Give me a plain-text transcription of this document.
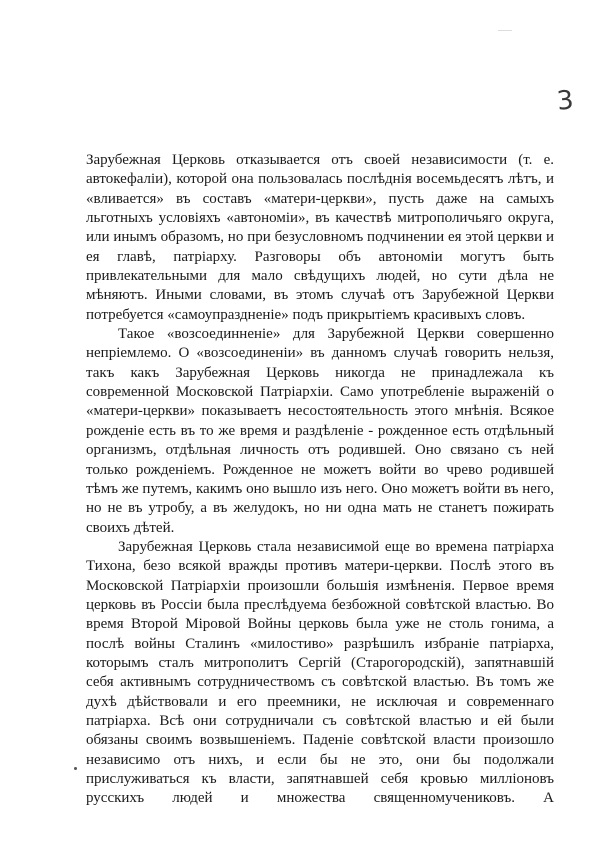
3

Зарубежная Церковь отказывается отъ своей независимости (т. е. автокефалiи), которой она пользовалась послѣднiя восемьдесятъ лѣтъ, и «вливается» въ составъ «матери-церкви», пусть даже на самыхъ льготныхъ условiяхъ «автономiи», въ качествѣ митрополичьяго округа, или инымъ образомъ, но при безусловномъ подчинении ея этой церкви и ея главѣ, патрiарху. Разговоры объ автономiи могутъ быть привлекательными для мало свѣдущихъ людей, но сути дѣла не мѣняютъ. Иными словами, въ этомъ случаѣ отъ Зарубежной Церкви потребуется «самоупраздненiе» подъ прикрытiемъ красивыхъ словъ.

Такое «возсоединненiе» для Зарубежной Церкви совершенно непрiемлемо. О «возсоединенiи» въ данномъ случаѣ говорить нельзя, такъ какъ Зарубежная Церковь никогда не принадлежала къ современной Московской Патрiархiи. Само употребленiе выраженiй о «матери-церкви» показываетъ несостоятельность этого мнѣнiя. Всякое рожденiе есть въ то же время и раздѣленiе - рожденное есть отдѣльный организмъ, отдѣльная личность отъ родившей. Оно связано съ ней только рожденiемъ. Рожденное не можетъ войти во чрево родившей тѣмъ же путемъ, какимъ оно вышло изъ него. Оно можетъ войти въ него, но не въ утробу, а въ желудокъ, но ни одна мать не станетъ пожирать своихъ дѣтей.

Зарубежная Церковь стала независимой еще во времена патрiарха Тихона, безо всякой вражды противъ матери-церкви. Послѣ этого въ Московской Патрiархiи произошли большiя измѣненiя. Первое время церковь въ Россiи была преслѣдуема безбожной совѣтской властью. Во время Второй Мiровой Войны церковь была уже не столь гонима, а послѣ войны Сталинъ «милостиво» разрѣшилъ избранiе патрiарха, которымъ сталъ митрополитъ Сергiй (Старогородскiй), запятнавшiй себя активнымъ сотрудничествомъ съ совѣтской властью. Въ томъ же духѣ дѣйствовали и его преемники, не исключая и современнаго патрiарха. Всѣ они сотрудничали съ совѣтской властью и ей были обязаны своимъ возвышенiемъ. Паденiе совѣтской власти произошло независимо отъ нихъ, и если бы не это, они бы подолжали прислуживаться къ власти, запятнавшей себя кровью миллiоновъ русскихъ людей и множества священномучениковъ. А
